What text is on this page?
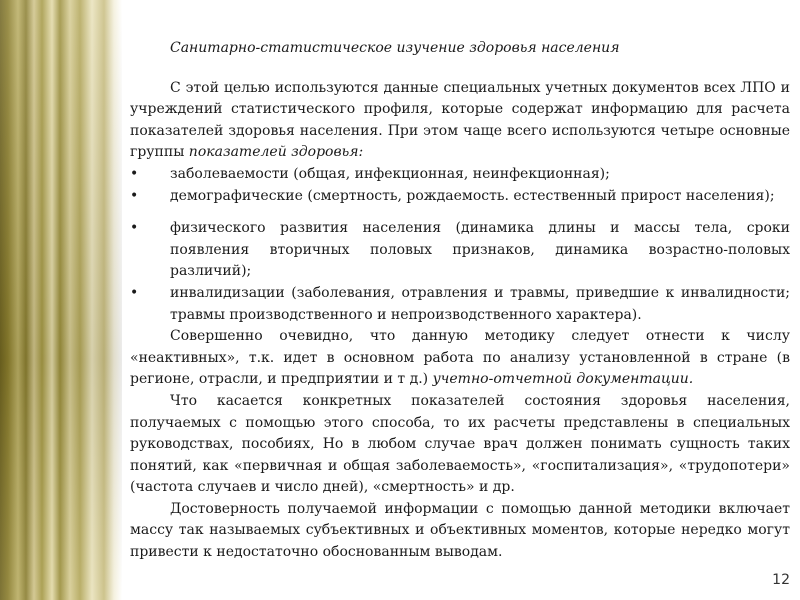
Санитарно-статистическое изучение здоровья населения

С этой целью используются данные специальных учетных документов всех ЛПО и учреждений статистического профиля, которые содержат информацию для расчета показателей здоровья населения. При этом чаще всего используются четыре основные группы показателей здоровья:

• заболеваемости (общая, инфекционная, неинфекционная);
• демографические (смертность, рождаемость. естественный прирост населения);
• физического развития населения (динамика длины и массы тела, сроки появления вторичных половых признаков, динамика возрастно-половых различий);
• инвалидизации (заболевания, отравления и травмы, приведшие к инвалидности; травмы производственного и непроизводственного характера).

Совершенно очевидно, что данную методику следует отнести к числу «неактивных», т.к. идет в основном работа по анализу установленной в стране (в регионе, отрасли, и предприятии и т д.) учетно-отчетной документации.

Что касается конкретных показателей состояния здоровья населения, получаемых с помощью этого способа, то их расчеты представлены в специальных руководствах, пособиях, Но в любом случае врач должен понимать сущность таких понятий, как «первичная и общая заболеваемость», «госпитализация», «трудопотери» (частота случаев и число дней), «смертность» и др.

Достоверность получаемой информации с помощью данной методики включает массу так называемых субъективных и объективных моментов, которые нередко могут привести к недостаточно обоснованным выводам.

12
